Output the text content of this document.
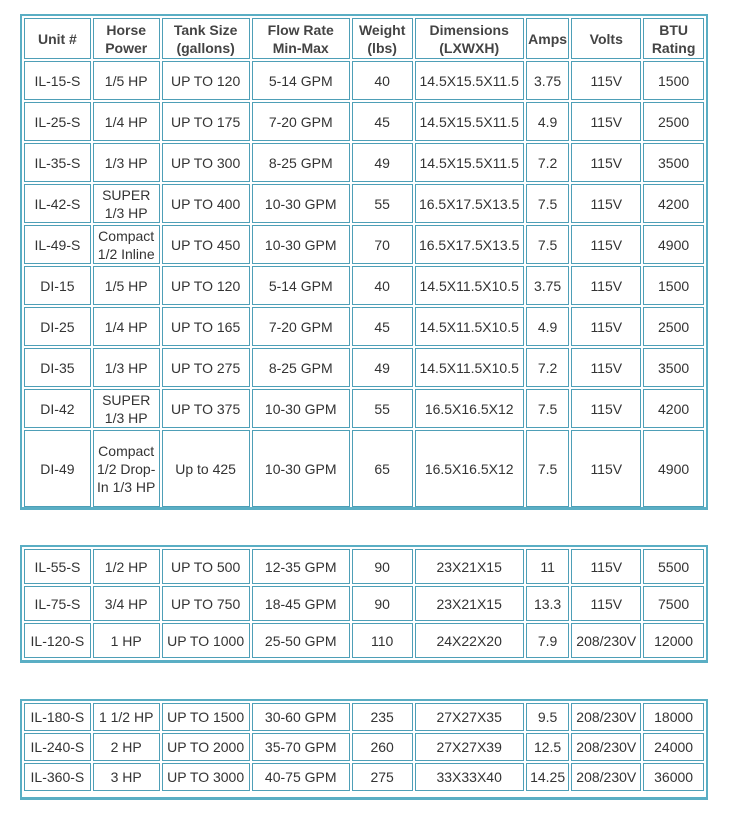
Unit #	Horse Power	Tank Size (gallons)	Flow Rate Min-Max	Weight (lbs)	Dimensions (LXWXH)	Amps	Volts	BTU Rating
IL-15-S	1/5 HP	UP TO 120	5-14 GPM	40	14.5X15.5X11.5	3.75	115V	1500
IL-25-S	1/4 HP	UP TO 175	7-20 GPM	45	14.5X15.5X11.5	4.9	115V	2500
IL-35-S	1/3 HP	UP TO 300	8-25 GPM	49	14.5X15.5X11.5	7.2	115V	3500
IL-42-S	SUPER 1/3 HP	UP TO 400	10-30 GPM	55	16.5X17.5X13.5	7.5	115V	4200
IL-49-S	Compact 1/2 Inline	UP TO 450	10-30 GPM	70	16.5X17.5X13.5	7.5	115V	4900
DI-15	1/5 HP	UP TO 120	5-14 GPM	40	14.5X11.5X10.5	3.75	115V	1500
DI-25	1/4 HP	UP TO 165	7-20 GPM	45	14.5X11.5X10.5	4.9	115V	2500
DI-35	1/3 HP	UP TO 275	8-25 GPM	49	14.5X11.5X10.5	7.2	115V	3500
DI-42	SUPER 1/3 HP	UP TO 375	10-30 GPM	55	16.5X16.5X12	7.5	115V	4200
DI-49	Compact 1/2 Drop-In 1/3 HP	Up to 425	10-30 GPM	65	16.5X16.5X12	7.5	115V	4900
IL-55-S	1/2 HP	UP TO 500	12-35 GPM	90	23X21X15	11	115V	5500
IL-75-S	3/4 HP	UP TO 750	18-45 GPM	90	23X21X15	13.3	115V	7500
IL-120-S	1 HP	UP TO 1000	25-50 GPM	110	24X22X20	7.9	208/230V	12000
IL-180-S	1 1/2 HP	UP TO 1500	30-60 GPM	235	27X27X35	9.5	208/230V	18000
IL-240-S	2 HP	UP TO 2000	35-70 GPM	260	27X27X39	12.5	208/230V	24000
IL-360-S	3 HP	UP TO 3000	40-75 GPM	275	33X33X40	14.25	208/230V	36000
